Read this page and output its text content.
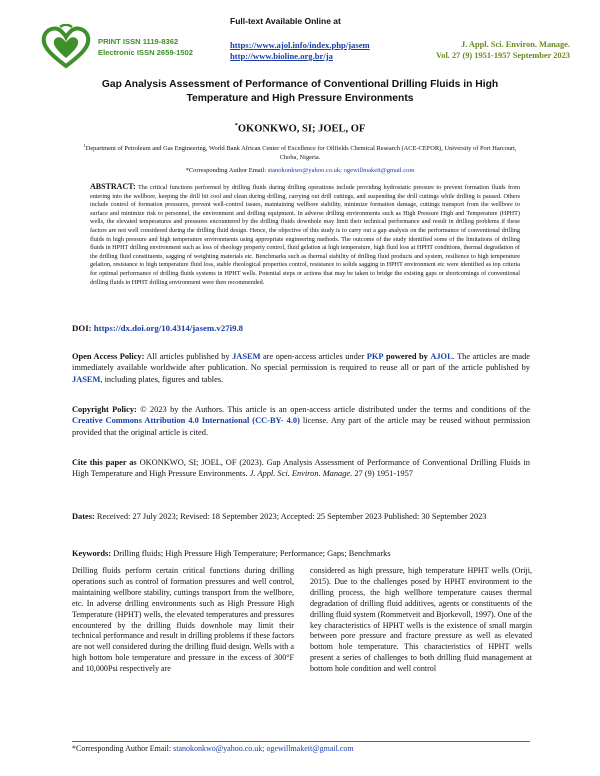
PRINT ISSN 1119-8362
Electronic ISSN 2659-1502
Full-text Available Online at
https://www.ajol.info/index.php/jasem
http://www.bioline.org.br/ja
J. Appl. Sci. Environ. Manage.
Vol. 27 (9) 1951-1957 September 2023
Gap Analysis Assessment of Performance of Conventional Drilling Fluids in High Temperature and High Pressure Environments
*OKONKWO, SI; JOEL, OF
$^1$Department of Petroleum and Gas Engineering, World Bank African Center of Excellence for Oilfields Chemical Research (ACE-CEFOR), University of Port Harcourt, Choba, Nigeria.
*Corresponding Author Email: stanokonkwo@yahoo.co.uk; ogewillmakeit@gmail.com
ABSTRACT: The critical functions performed by drilling fluids during drilling operations include providing hydrostatic pressure to prevent formation fluids from entering into the wellbore, keeping the drill bit cool and clean during drilling, carrying out drill cuttings, and suspending the drill cuttings while drilling is paused. Others include control of formation pressures, prevent well-control issues, maintaining wellbore stability, minimize formation damage, cuttings transport from the wellbore to surface and minimize risk to personnel, the environment and drilling equipment. In adverse drilling environments such as High Pressure High and Temperature (HPHT) wells, the elevated temperatures and pressures encountered by the drilling fluids downhole may limit their technical performance and result in drilling problems if these factors are not well considered during the drilling fluid design. Hence, the objective of this study is to carry out a gap analysis on the performance of conventional drilling fluids in high pressure and high temperature environments using appropriate engineering methods. The outcome of the study identified some of the limitations of drilling fluids in HPHT drilling environment such as loss of rheology property control, fluid gelation at high temperature, high fluid loss at HPHT conditions, thermal degradation of the drilling fluid constituents, sagging of weighting materials etc. Benchmarks such as thermal stability of drilling fluid products and system, resilience to high temperature gelation, resistance to high temperature fluid loss, stable rheological properties control, resistance to solids sagging in HPHT environment etc were identified as top criteria for optimal performance of drilling fluids systems in HPHT wells. Potential steps or actions that may be taken to bridge the existing gaps or shortcomings of conventional drilling fluids in HPHT drilling environment were then recommended.
DOI: https://dx.doi.org/10.4314/jasem.v27i9.8
Open Access Policy: All articles published by JASEM are open-access articles under PKP powered by AJOL. The articles are made immediately available worldwide after publication. No special permission is required to reuse all or part of the article published by JASEM, including plates, figures and tables.
Copyright Policy: © 2023 by the Authors. This article is an open-access article distributed under the terms and conditions of the Creative Commons Attribution 4.0 International (CC-BY- 4.0) license. Any part of the article may be reused without permission provided that the original article is cited.
Cite this paper as OKONKWO, SI; JOEL, OF (2023). Gap Analysis Assessment of Performance of Conventional Drilling Fluids in High Temperature and High Pressure Environments. J. Appl. Sci. Environ. Manage. 27 (9) 1951-1957
Dates: Received: 27 July 2023; Revised: 18 September 2023; Accepted: 25 September 2023 Published: 30 September 2023
Keywords: Drilling fluids; High Pressure High Temperature; Performance; Gaps; Benchmarks
Drilling fluids perform certain critical functions during drilling operations such as control of formation pressures and well control, maintaining wellbore stability, cuttings transport from the wellbore, etc. In adverse drilling environments such as High Pressure High Temperature (HPHT) wells, the elevated temperatures and pressures encountered by the drilling fluids downhole may limit their technical performance and result in drilling problems if these factors are not well considered during the drilling fluid design. Wells with a high bottom hole temperature and pressure in the excess of 300°F and 10,000Psi respectively are
considered as high pressure, high temperature HPHT wells (Oriji, 2015). Due to the challenges posed by HPHT environment to the drilling process, the high wellbore temperature causes thermal degradation of drilling fluid additives, agents or constituents of the drilling fluid system (Rommetveit and Bjorkevoll, 1997). One of the key characteristics of HPHT wells is the existence of small margin between pore pressure and fracture pressure as well as elevated bottom hole temperature. This characteristics of HPHT wells present a series of challenges to both drilling fluid management at bottom hole condition and well control
*Corresponding Author Email: stanokonkwo@yahoo.co.uk; ogewillmakeit@gmail.com
